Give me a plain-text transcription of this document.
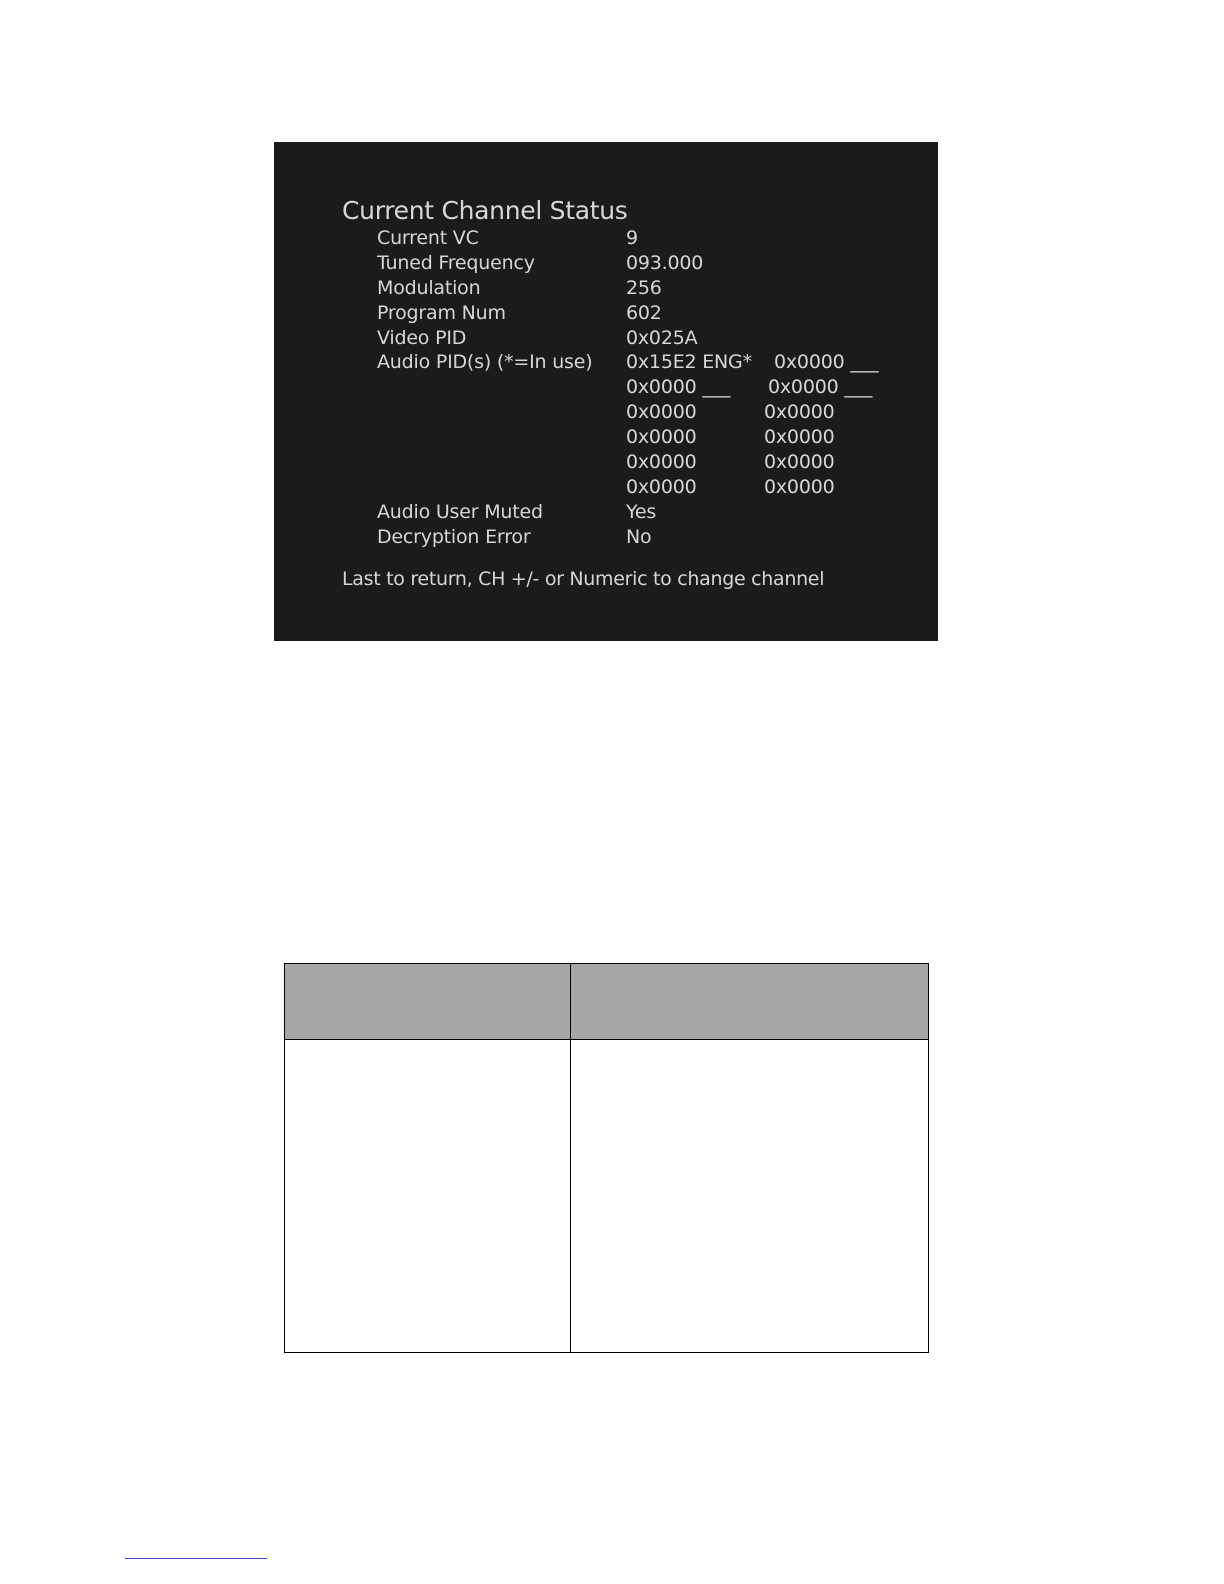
Current Channel Status
Current VC	9
Tuned Frequency	093.000
Modulation	256
Program Num	602
Video PID	0x025A
Audio PID(s) (*=In use) 0x15E2 ENG* 0x0000 ___
0x0000 ___ 0x0000 ___
0x0000	0x0000
0x0000	0x0000
0x0000	0x0000
0x0000	0x0000
Audio User Muted	Yes
Decryption Error	No
Last to return, CH +/- or Numeric to change channel
